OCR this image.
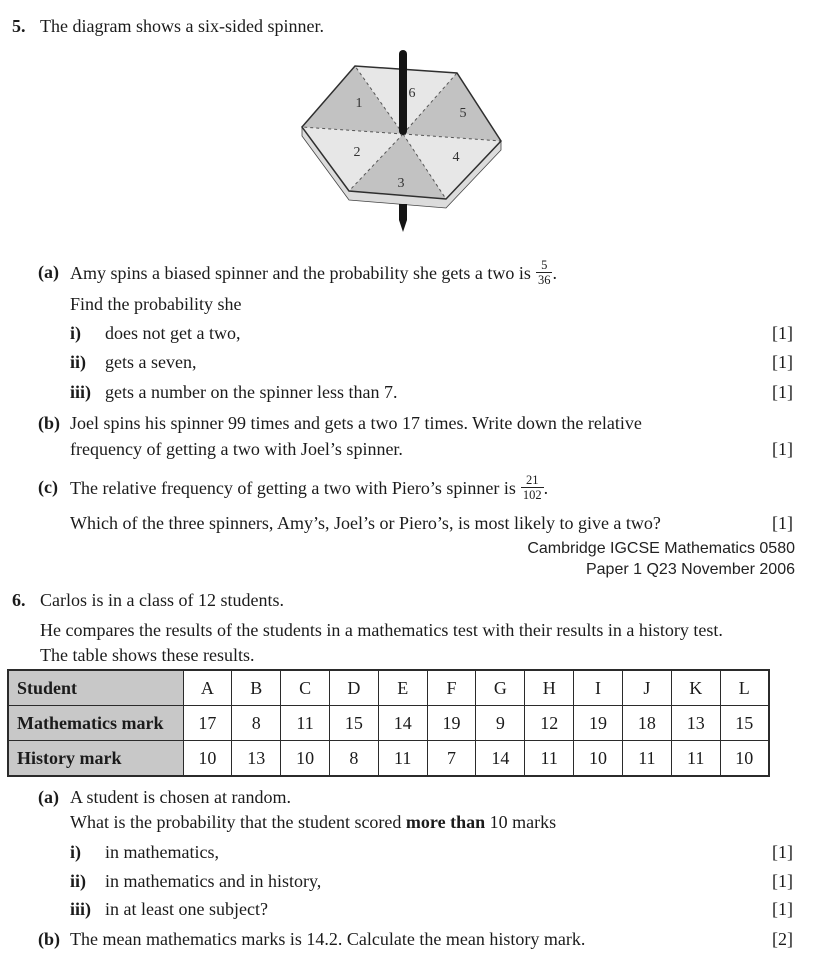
5. The diagram shows a six-sided spinner.
1
2
3
4
5
6
(a) Amy spins a biased spinner and the probability she gets a two is $\frac{5}{36}$ .
Find the probability she
i) does not get a two,	[1]
ii) gets a seven,	[1]
iii) gets a number on the spinner less than 7.	[1]
(b) Joel spins his spinner 99 times and gets a two 17 times. Write down the relative
frequency of getting a two with Joel’s spinner.	[1]
(c) The relative frequency of getting a two with Piero’s spinner is $\frac{21}{102}$ .
Which of the three spinners, Amy’s, Joel’s or Piero’s, is most likely to give a two?	[1]
Cambridge IGCSE Mathematics 0580
Paper 1 Q23 November 2006
6. Carlos is in a class of 12 students.
He compares the results of the students in a mathematics test with their results in a history test.
The table shows these results.
Student	A	B	C	D	E	F	G	H	I	J	K	L
Mathematics mark	17	8	11	15	14	19	9	12	19	18	13	15
History mark	10	13	10	8	11	7	14	11	10	11	11	10
(a) A student is chosen at random.
What is the probability that the student scored more than 10 marks
i) in mathematics,	[1]
ii) in mathematics and in history,	[1]
iii) in at least one subject?	[1]
(b) The mean mathematics marks is 14.2. Calculate the mean history mark.	[2]
